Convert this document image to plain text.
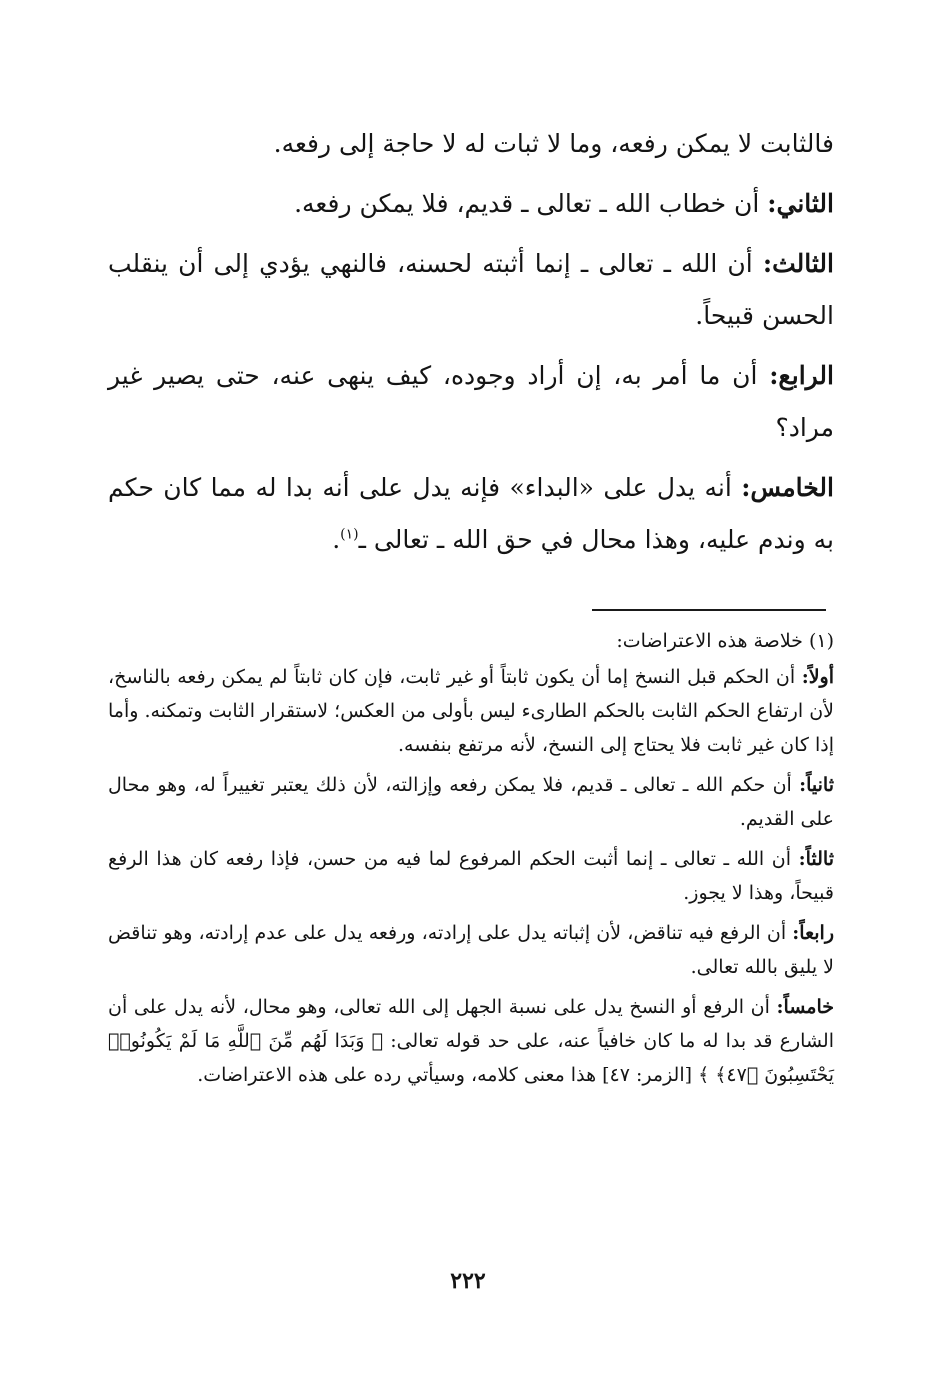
فالثابت لا يمكن رفعه، وما لا ثبات له لا حاجة إلى رفعه.

الثاني: أن خطاب الله ـ تعالى ـ قديم، فلا يمكن رفعه.

الثالث: أن الله ـ تعالى ـ إنما أثبته لحسنه، فالنهي يؤدي إلى أن ينقلب الحسن قبيحاً.

الرابع: أن ما أمر به، إن أراد وجوده، كيف ينهى عنه، حتى يصير غير مراد؟

الخامس: أنه يدل على «البداء» فإنه يدل على أنه بدا له مما كان حكم به وندم عليه، وهذا محال في حق الله ـ تعالى ـ$^{(١)}$.

(١) خلاصة هذه الاعتراضات:

أولاً: أن الحكم قبل النسخ إما أن يكون ثابتاً أو غير ثابت، فإن كان ثابتاً لم يمكن رفعه بالناسخ، لأن ارتفاع الحكم الثابت بالحكم الطارىء ليس بأولى من العكس؛ لاستقرار الثابت وتمكنه. وأما إذا كان غير ثابت فلا يحتاج إلى النسخ، لأنه مرتفع بنفسه.

ثانياً: أن حكم الله ـ تعالى ـ قديم، فلا يمكن رفعه وإزالته، لأن ذلك يعتبر تغييراً له، وهو محال على القديم.

ثالثاً: أن الله ـ تعالى ـ إنما أثبت الحكم المرفوع لما فيه من حسن، فإذا رفعه كان هذا الرفع قبيحاً، وهذا لا يجوز.

رابعاً: أن الرفع فيه تناقض، لأن إثباته يدل على إرادته، ورفعه يدل على عدم إرادته، وهو تناقض لا يليق بالله تعالى.

خامساً: أن الرفع أو النسخ يدل على نسبة الجهل إلى الله تعالى، وهو محال، لأنه يدل على أن الشارع قد بدا له ما كان خافياً عنه، على حد قوله تعالى: ﴿ وَبَدَا لَهُم مِّنَ ٱللَّهِ مَا لَمْ يَكُونُوا۟ يَحْتَسِبُونَ ﴿٤٧﴾ ﴾ [الزمر: ٤٧] هذا معنى كلامه، وسيأتي رده على هذه الاعتراضات.

٢٢٢
